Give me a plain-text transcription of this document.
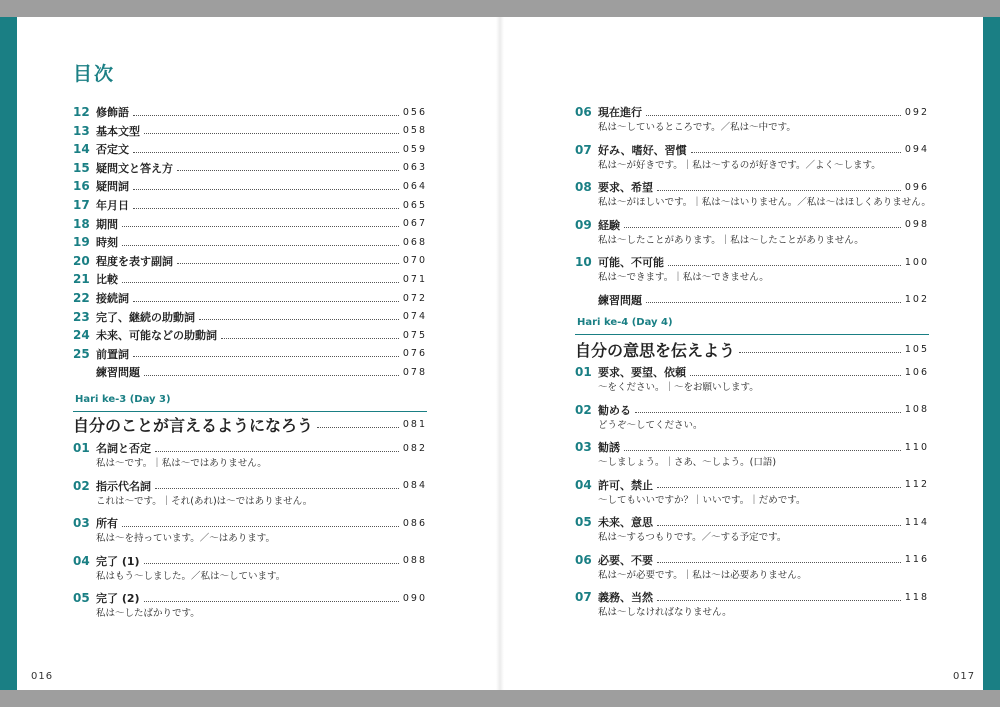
目次
12 修飾語	056
13 基本文型	058
14 否定文	059
15 疑問文と答え方	063
16 疑問詞	064
17 年月日	065
18 期間	067
19 時刻	068
20 程度を表す副詞	070
21 比較	071
22 接続詞	072
23 完了、継続の助動詞	074
24 未来、可能などの助動詞	075
25 前置詞	076
練習問題	078
Hari ke-3 (Day 3)
自分のことが言えるようになろう	081
01 名詞と否定	082
私は〜です。｜私は〜ではありません。
02 指示代名詞	084
これは〜です。｜それ(あれ)は〜ではありません。
03 所有	086
私は〜を持っています。／〜はあります。
04 完了 (1)	088
私はもう〜しました。／私は〜しています。
05 完了 (2)	090
私は〜したばかりです。
06 現在進行	092
私は〜しているところです。／私は〜中です。
07 好み、嗜好、習慣	094
私は〜が好きです。｜私は〜するのが好きです。／よく〜します。
08 要求、希望	096
私は〜がほしいです。｜私は〜はいりません。／私は〜はほしくありません。
09 経験	098
私は〜したことがあります。｜私は〜したことがありません。
10 可能、不可能	100
私は〜できます。｜私は〜できません。
練習問題	102
Hari ke-4 (Day 4)
自分の意思を伝えよう	105
01 要求、要望、依頼	106
〜をください。｜〜をお願いします。
02 勧める	108
どうぞ〜してください。
03 勧誘	110
〜しましょう。｜さあ、〜しよう。(口語)
04 許可、禁止	112
〜してもいいですか？｜いいです。｜だめです。
05 未来、意思	114
私は〜するつもりです。／〜する予定です。
06 必要、不要	116
私は〜が必要です。｜私は〜は必要ありません。
07 義務、当然	118
私は〜しなければなりません。
016	017
